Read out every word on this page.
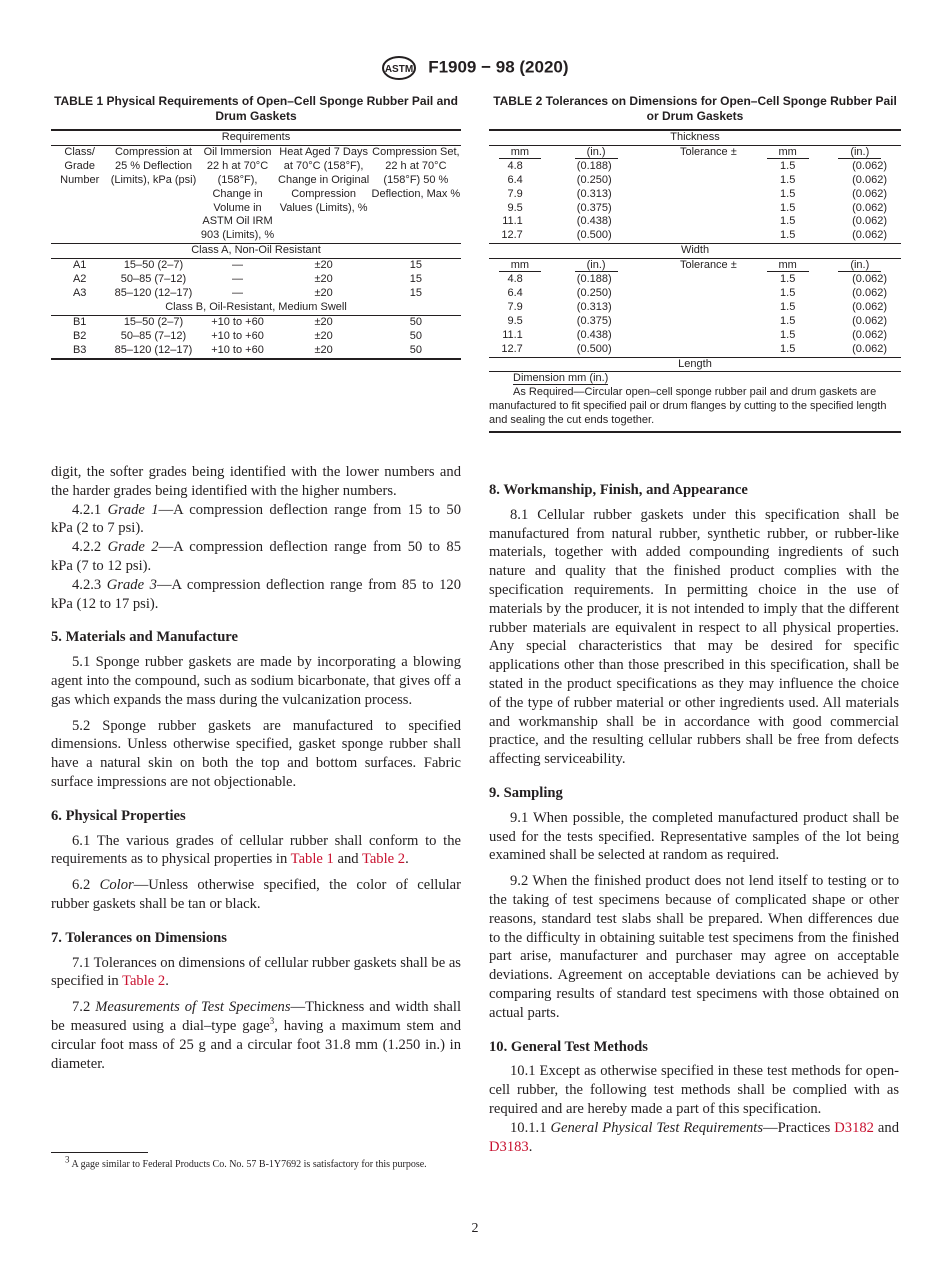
ASTM F1909 − 98 (2020)
TABLE 1 Physical Requirements of Open–Cell Sponge Rubber Pail and Drum Gaskets
Requirements				
Class/ Grade Number	Compression at 25 % Deflection (Limits), kPa (psi)	Oil Immersion 22 h at 70°C (158°F), Change in Volume in ASTM Oil IRM 903 (Limits), %	Heat Aged 7 Days at 70°C (158°F), Change in Original Compression Values (Limits), %	Compression Set, 22 h at 70°C (158°F) 50 % Deflection, Max %
Class A, Non-Oil Resistant				
A1	15–50 (2–7)	—	±20	15
A2	50–85 (7–12)	—	±20	15
A3	85–120 (12–17)	—	±20	15
Class B, Oil-Resistant, Medium Swell				
B1	15–50 (2–7)	+10 to +60	±20	50
B2	50–85 (7–12)	+10 to +60	±20	50
B3	85–120 (12–17)	+10 to +60	±20	50
TABLE 2 Tolerances on Dimensions for Open–Cell Sponge Rubber Pail or Drum Gaskets
Thickness				
mm	(in.)	Tolerance ±	mm	(in.)
4.8	(0.188)		1.5	(0.062)
6.4	(0.250)		1.5	(0.062)
7.9	(0.313)		1.5	(0.062)
9.5	(0.375)		1.5	(0.062)
11.1	(0.438)		1.5	(0.062)
12.7	(0.500)		1.5	(0.062)
Width				
mm	(in.)	Tolerance ±	mm	(in.)
4.8	(0.188)		1.5	(0.062)
6.4	(0.250)		1.5	(0.062)
7.9	(0.313)		1.5	(0.062)
9.5	(0.375)		1.5	(0.062)
11.1	(0.438)		1.5	(0.062)
12.7	(0.500)		1.5	(0.062)
Length				
Dimension mm (in.)				
As Required—Circular open–cell sponge rubber pail and drum gaskets are manufactured to fit specified pail or drum flanges by cutting to the specified length and sealing the cut ends together.				

digit, the softer grades being identified with the lower numbers and the harder grades being identified with the higher numbers.

4.2.1 Grade 1—A compression deflection range from 15 to 50 kPa (2 to 7 psi).

4.2.2 Grade 2—A compression deflection range from 50 to 85 kPa (7 to 12 psi).

4.2.3 Grade 3—A compression deflection range from 85 to 120 kPa (12 to 17 psi).

5. Materials and Manufacture

5.1 Sponge rubber gaskets are made by incorporating a blowing agent into the compound, such as sodium bicarbonate, that gives off a gas which expands the mass during the vulcanization process.

5.2 Sponge rubber gaskets are manufactured to specified dimensions. Unless otherwise specified, gasket sponge rubber shall have a natural skin on both the top and bottom surfaces. Fabric surface impressions are not objectionable.

6. Physical Properties

6.1 The various grades of cellular rubber shall conform to the requirements as to physical properties in Table 1 and Table 2.

6.2 Color—Unless otherwise specified, the color of cellular rubber gaskets shall be tan or black.

7. Tolerances on Dimensions

7.1 Tolerances on dimensions of cellular rubber gaskets shall be as specified in Table 2.

7.2 Measurements of Test Specimens—Thickness and width shall be measured using a dial–type gage$^3$, having a maximum stem and circular foot mass of 25 g and a circular foot 31.8 mm (1.250 in.) in diameter.

$^3$ A gage similar to Federal Products Co. No. 57 B-1Y7692 is satisfactory for this purpose.
8. Workmanship, Finish, and Appearance

8.1 Cellular rubber gaskets under this specification shall be manufactured from natural rubber, synthetic rubber, or rubber-like materials, together with added compounding ingredients of such nature and quality that the finished product complies with the specification requirements. In permitting choice in the use of materials by the producer, it is not intended to imply that the different rubber materials are equivalent in respect to all physical properties. Any special characteristics that may be desired for specific applications other than those prescribed in this specification, shall be stated in the product specifications as they may influence the choice of the type of rubber material or other ingredients used. All materials and workmanship shall be in accordance with good commercial practice, and the resulting cellular rubbers shall be free from defects affecting serviceability.

9. Sampling

9.1 When possible, the completed manufactured product shall be used for the tests specified. Representative samples of the lot being examined shall be selected at random as required.

9.2 When the finished product does not lend itself to testing or to the taking of test specimens because of complicated shape or other reasons, standard test slabs shall be prepared. When differences due to the difficulty in obtaining suitable test specimens from the finished part arise, manufacturer and purchaser may agree on acceptable deviations. Agreement on acceptable deviations can be achieved by comparing results of standard test specimens with those obtained on actual parts.

10. General Test Methods

10.1 Except as otherwise specified in these test methods for open-cell rubber, the following test methods shall be complied with as required and are hereby made a part of this specification.

10.1.1 General Physical Test Requirements—Practices D3182 and D3183.

2
